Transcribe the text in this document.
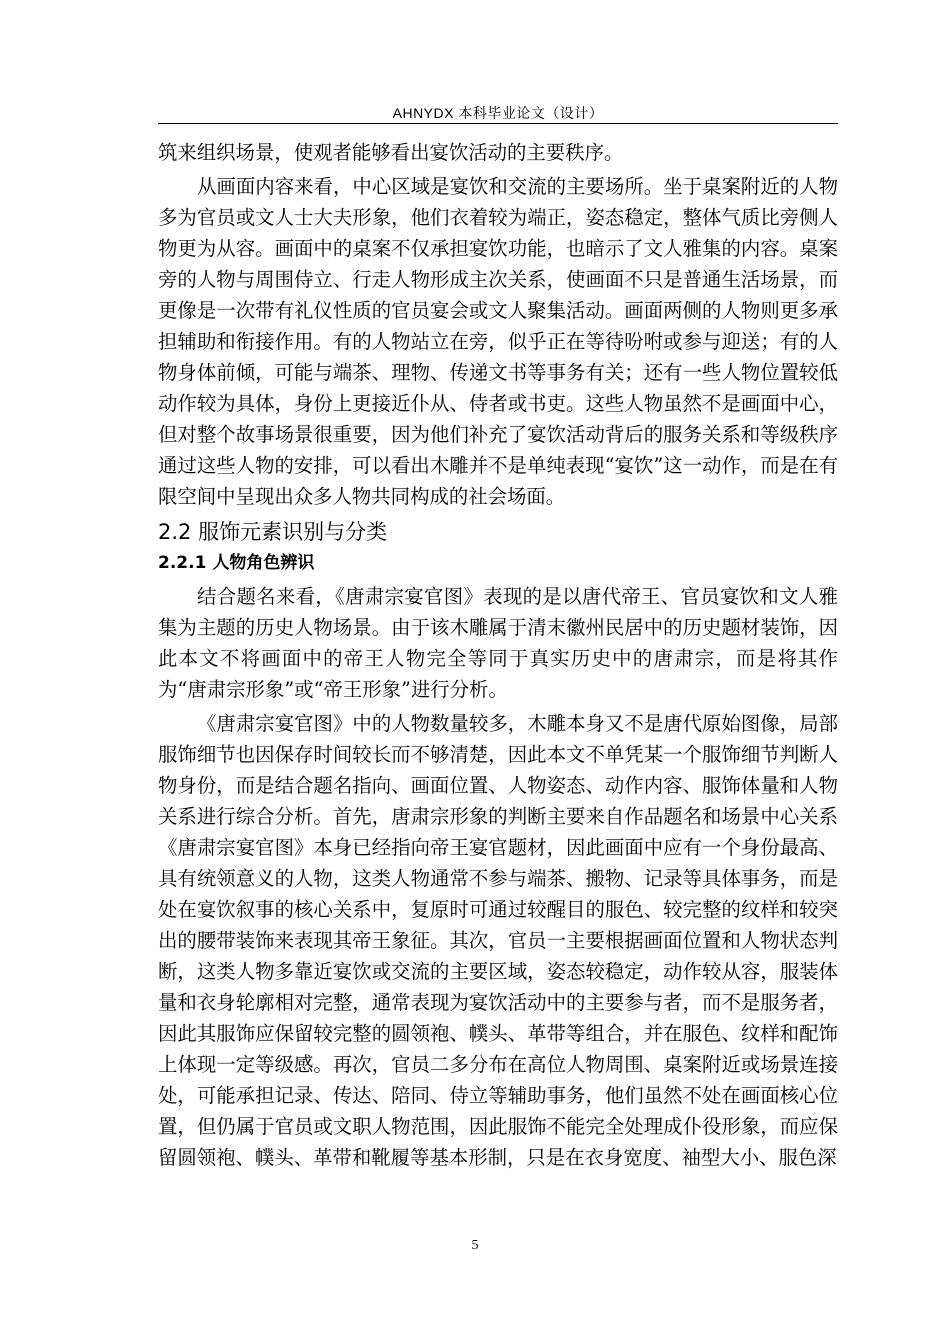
AHNYDX 本科毕业论文（设计）

筑来组织场景，使观者能够看出宴饮活动的主要秩序。

从画面内容来看，中心区域是宴饮和交流的主要场所。坐于桌案附近的人物多为官员或文人士大夫形象，他们衣着较为端正，姿态稳定，整体气质比旁侧人物更为从容。画面中的桌案不仅承担宴饮功能，也暗示了文人雅集的内容。桌案旁的人物与周围侍立、行走人物形成主次关系，使画面不只是普通生活场景，而更像是一次带有礼仪性质的官员宴会或文人聚集活动。画面两侧的人物则更多承担辅助和衔接作用。有的人物站立在旁，似乎正在等待吩咐或参与迎送；有的人物身体前倾，可能与端茶、理物、传递文书等事务有关；还有一些人物位置较低动作较为具体，身份上更接近仆从、侍者或书吏。这些人物虽然不是画面中心，但对整个故事场景很重要，因为他们补充了宴饮活动背后的服务关系和等级秩序通过这些人物的安排，可以看出木雕并不是单纯表现“宴饮”这一动作，而是在有限空间中呈现出众多人物共同构成的社会场面。

2.2 服饰元素识别与分类
2.2.1 人物角色辨识

结合题名来看，《唐肃宗宴官图》表现的是以唐代帝王、官员宴饮和文人雅集为主题的历史人物场景。由于该木雕属于清末徽州民居中的历史题材装饰，因此本文不将画面中的帝王人物完全等同于真实历史中的唐肃宗，而是将其作为“唐肃宗形象”或“帝王形象”进行分析。

《唐肃宗宴官图》中的人物数量较多，木雕本身又不是唐代原始图像，局部服饰细节也因保存时间较长而不够清楚，因此本文不单凭某一个服饰细节判断人物身份，而是结合题名指向、画面位置、人物姿态、动作内容、服饰体量和人物关系进行综合分析。首先，唐肃宗形象的判断主要来自作品题名和场景中心关系《唐肃宗宴官图》本身已经指向帝王宴官题材，因此画面中应有一个身份最高、具有统领意义的人物，这类人物通常不参与端茶、搬物、记录等具体事务，而是处在宴饮叙事的核心关系中，复原时可通过较醒目的服色、较完整的纹样和较突出的腰带装饰来表现其帝王象征。其次，官员一主要根据画面位置和人物状态判断，这类人物多靠近宴饮或交流的主要区域，姿态较稳定，动作较从容，服装体量和衣身轮廓相对完整，通常表现为宴饮活动中的主要参与者，而不是服务者，因此其服饰应保留较完整的圆领袍、幞头、革带等组合，并在服色、纹样和配饰上体现一定等级感。再次，官员二多分布在高位人物周围、桌案附近或场景连接处，可能承担记录、传达、陪同、侍立等辅助事务，他们虽然不处在画面核心位置，但仍属于官员或文职人物范围，因此服饰不能完全处理成仆役形象，而应保留圆领袍、幞头、革带和靴履等基本形制，只是在衣身宽度、袖型大小、服色深

5
